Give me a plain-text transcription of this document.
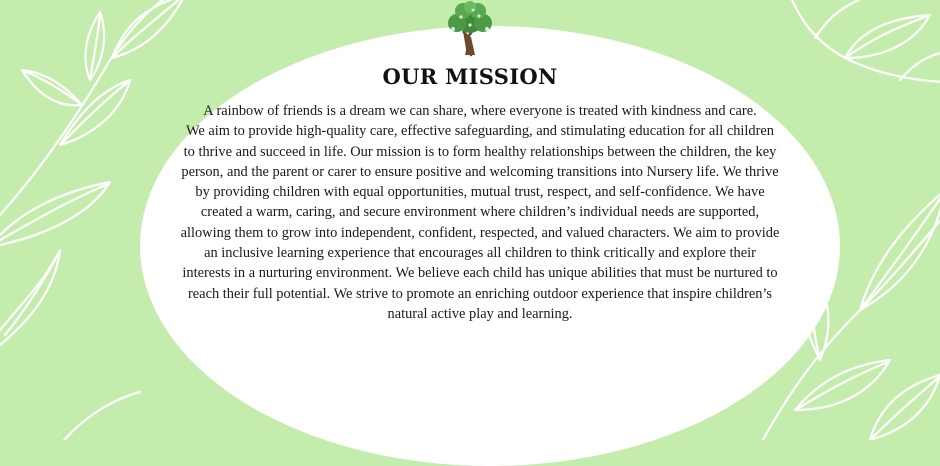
OUR MISSION

A rainbow of friends is a dream we can share, where everyone is treated with kindness and care.
We aim to provide high-quality care, effective safeguarding, and stimulating education for all children to thrive and succeed in life. Our mission is to form healthy relationships between the children, the key person, and the parent or carer to ensure positive and welcoming transitions into Nursery life. We thrive by providing children with equal opportunities, mutual trust, respect, and self-confidence. We have created a warm, caring, and secure environment where children’s individual needs are supported, allowing them to grow into independent, confident, respected, and valued characters. We aim to provide an inclusive learning experience that encourages all children to think critically and explore their interests in a nurturing environment. We believe each child has unique abilities that must be nurtured to reach their full potential. We strive to promote an enriching outdoor experience that inspire children’s natural active play and learning.
